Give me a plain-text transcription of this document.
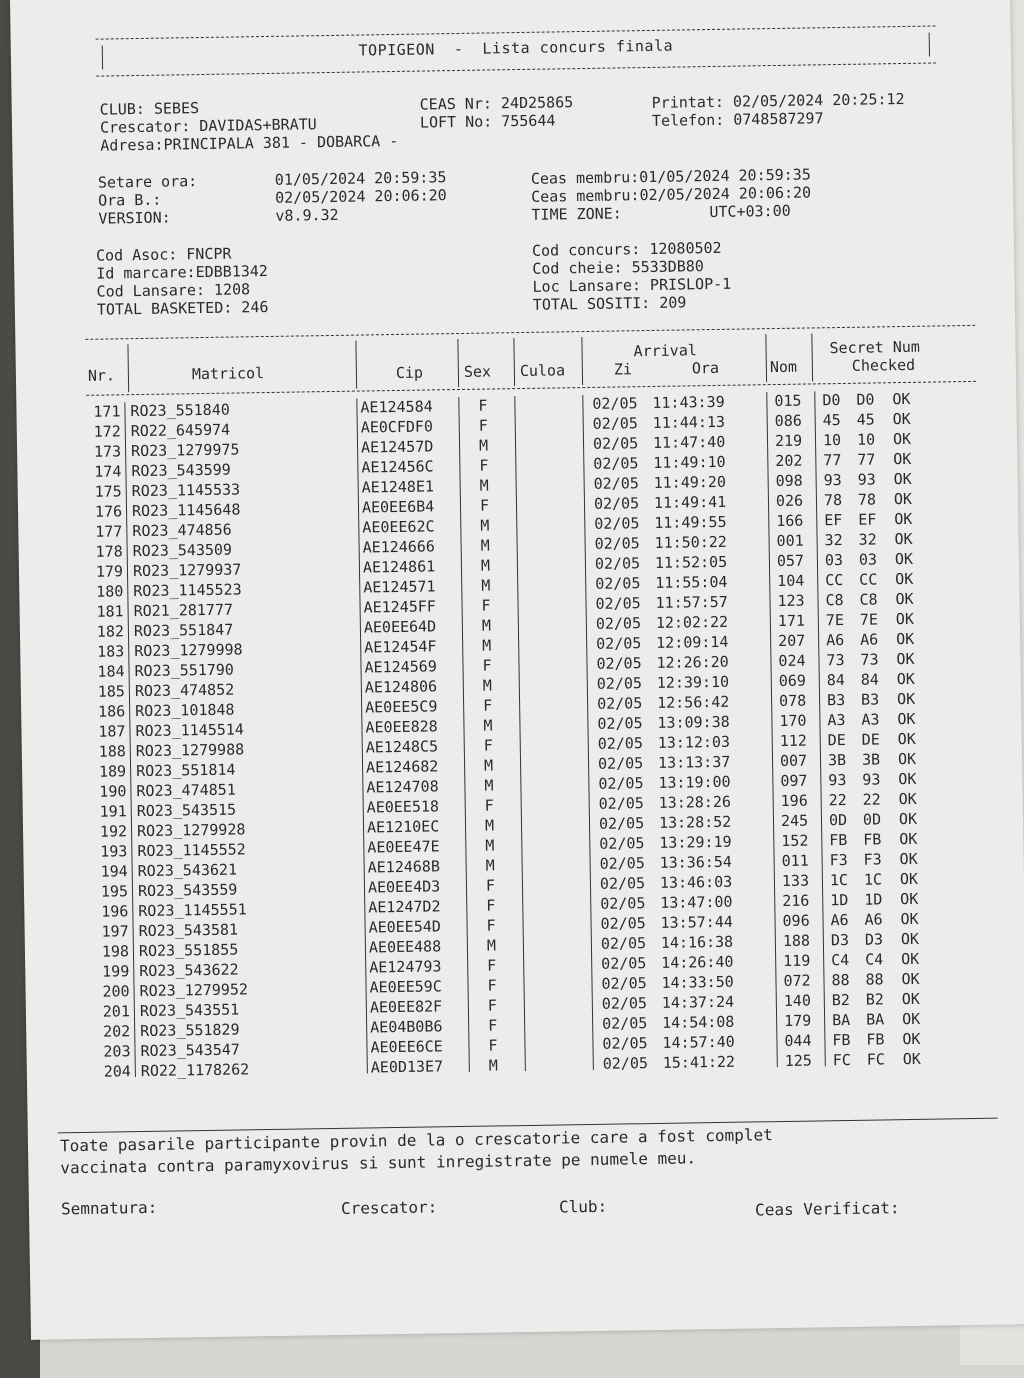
TOPIGEON  -  Lista concurs finala
CLUB: SEBES
Crescator: DAVIDAS+BRATU
Adresa:PRINCIPALA 381 - DOBARCA -
CEAS Nr: 24D25865
LOFT No: 755644
Printat: 02/05/2024 20:25:12
Telefon: 0748587297
Setare ora:	01/05/2024 20:59:35
Ora B.:	02/05/2024 20:06:20
VERSION:	v8.9.32
Ceas membru:01/05/2024 20:59:35
Ceas membru:02/05/2024 20:06:20
TIME ZONE:	UTC+03:00
Cod Asoc: FNCPR
Id marcare:EDBB1342
Cod Lansare: 1208
TOTAL BASKETED: 246
Cod concurs: 12080502
Cod cheie: 5533DB80
Loc Lansare: PRISLOP-1
TOTAL SOSITI: 209
Nr.	Matricol	Cip	Sex Culoa
Arrival
Zi	Ora	Nom
Secret Num
Checked
171 RO23_551840	AE124584	F	02/05 11:43:39	015 D0 D0 OK
172 RO22_645974	AE0CFDF0	F	02/05 11:44:13	086 45 45 OK
173 RO23_1279975	AE12457D	M	02/05 11:47:40	219 10 10 OK
174 RO23_543599	AE12456C	F	02/05 11:49:10	202 77 77 OK
175 RO23_1145533	AE1248E1	M	02/05 11:49:20	098 93 93 OK
176 RO23_1145648	AE0EE6B4	F	02/05 11:49:41	026 78 78 OK
177 RO23_474856	AE0EE62C	M	02/05 11:49:55	166 EF EF OK
178 RO23_543509	AE124666	M	02/05 11:50:22	001 32 32 OK
179 RO23_1279937	AE124861	M	02/05 11:52:05	057 03 03 OK
180 RO23_1145523	AE124571	M	02/05 11:55:04	104 CC CC OK
181 RO21_281777	AE1245FF	F	02/05 11:57:57	123 C8 C8 OK
182 RO23_551847	AE0EE64D	M	02/05 12:02:22	171 7E 7E OK
183 RO23_1279998	AE12454F	M	02/05 12:09:14	207 A6 A6 OK
184 RO23_551790	AE124569	F	02/05 12:26:20	024 73 73 OK
185 RO23_474852	AE124806	M	02/05 12:39:10	069 84 84 OK
186 RO23_101848	AE0EE5C9	F	02/05 12:56:42	078 B3 B3 OK
187 RO23_1145514	AE0EE828	M	02/05 13:09:38	170 A3 A3 OK
188 RO23_1279988	AE1248C5	F	02/05 13:12:03	112 DE DE OK
189 RO23_551814	AE124682	M	02/05 13:13:37	007 3B 3B OK
190 RO23_474851	AE124708	M	02/05 13:19:00	097 93 93 OK
191 RO23_543515	AE0EE518	F	02/05 13:28:26	196 22 22 OK
192 RO23_1279928	AE1210EC	M	02/05 13:28:52	245 0D 0D OK
193 RO23_1145552	AE0EE47E	M	02/05 13:29:19	152 FB FB OK
194 RO23_543621	AE12468B	M	02/05 13:36:54	011 F3 F3 OK
195 RO23_543559	AE0EE4D3	F	02/05 13:46:03	133 1C 1C OK
196 RO23_1145551	AE1247D2	F	02/05 13:47:00	216 1D 1D OK
197 RO23_543581	AE0EE54D	F	02/05 13:57:44	096 A6 A6 OK
198 RO23_551855	AE0EE488	M	02/05 14:16:38	188 D3 D3 OK
199 RO23_543622	AE124793	F	02/05 14:26:40	119 C4 C4 OK
200 RO23_1279952	AE0EE59C	F	02/05 14:33:50	072 88 88 OK
201 RO23_543551	AE0EE82F	F	02/05 14:37:24	140 B2 B2 OK
202 RO23_551829	AE04B0B6	F	02/05 14:54:08	179 BA BA OK
203 RO23_543547	AE0EE6CE	F	02/05 14:57:40	044 FB FB OK
204 RO22_1178262	AE0D13E7	M	02/05 15:41:22	125 FC FC OK
Toate pasarile participante provin de la o crescatorie care a fost complet
vaccinata contra paramyxovirus si sunt inregistrate pe numele meu.
Semnatura:	Crescator:	Club:	Ceas Verificat:
